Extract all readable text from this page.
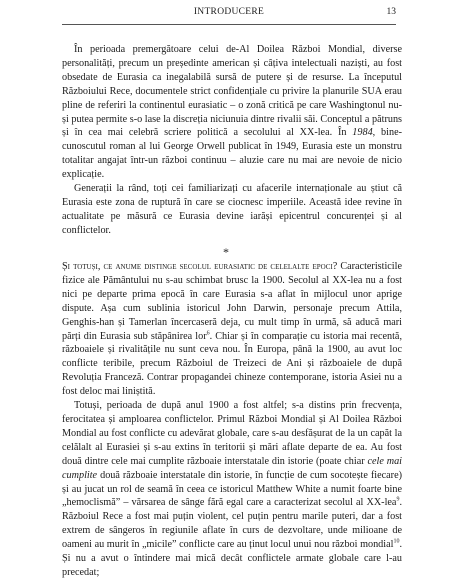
INTRODUCERE	13

În perioada premergătoare celui de-Al Doilea Război Mondial, diverse personalități, precum un președinte american și câțiva intelectuali naziști, au fost obsedate de Eurasia ca inegalabilă sursă de putere și de resurse. La începutul Războiului Rece, documentele strict confidențiale cu privire la planurile SUA erau pline de referiri la continentul eurasiatic – o zonă critică pe care Washingtonul nu-și putea permite s-o lase la discreția niciunuia dintre rivalii săi. Conceptul a pătruns și în cea mai celebră scriere politică a secolului al XX-lea. În 1984, bine-cunoscutul roman al lui George Orwell publicat în 1949, Eurasia este un monstru totalitar angajat într-un război continuu – aluzie care nu mai are nevoie de nicio explicație.

Generații la rând, toți cei familiarizați cu afacerile internaționale au știut că Eurasia este zona de ruptură în care se ciocnesc imperiile. Această idee revine în actualitate pe măsură ce Eurasia devine iarăși epicentrul concurenței și al conflictelor.

*

Și totuși, ce anume distinge secolul eurasiatic de celelalte epoci? Caracteristicile fizice ale Pământului nu s-au schimbat brusc la 1900. Secolul al XX-lea nu a fost nici pe departe prima epocă în care Eurasia s-a aflat în mijlocul unor aprige dispute. Așa cum sublinia istoricul John Darwin, personaje precum Attila, Genghis-han și Tamerlan încercaseră deja, cu mult timp în urmă, să aducă mari părți din Eurasia sub stăpânirea lor$^6$. Chiar și în comparație cu istoria mai recentă, războaiele și rivalitățile nu sunt ceva nou. În Europa, până la 1900, au avut loc conflicte teribile, precum Războiul de Treizeci de Ani și războaiele de după Revoluția Franceză. Contrar propagandei chineze contemporane, istoria Asiei nu a fost deloc mai liniștită.

Totuși, perioada de după anul 1900 a fost altfel; s-a distins prin frecvența, ferocitatea și amploarea conflictelor. Primul Război Mondial și Al Doilea Război Mondial au fost conflicte cu adevărat globale, care s-au desfășurat de la un capăt la celălalt al Eurasiei și s-au extins în teritorii și mări aflate departe de ea. Au fost două dintre cele mai cumplite războaie interstatale din istorie (poate chiar cele mai cumplite două războaie interstatale din istorie, în funcție de cum socotește fiecare) și au jucat un rol de seamă în ceea ce istoricul Matthew White a numit foarte bine „hemoclismă” – vărsarea de sânge fără egal care a caracterizat secolul al XX-lea$^9$. Războiul Rece a fost mai puțin violent, cel puțin pentru marile puteri, dar a fost extrem de sângeros în regiunile aflate în curs de dezvoltare, unde milioane de oameni au murit în „micile” conflicte care au ținut locul unui nou război mondial$^{10}$. Și nu a avut o întindere mai mică decât conflictele armate globale care l-au precedat;
